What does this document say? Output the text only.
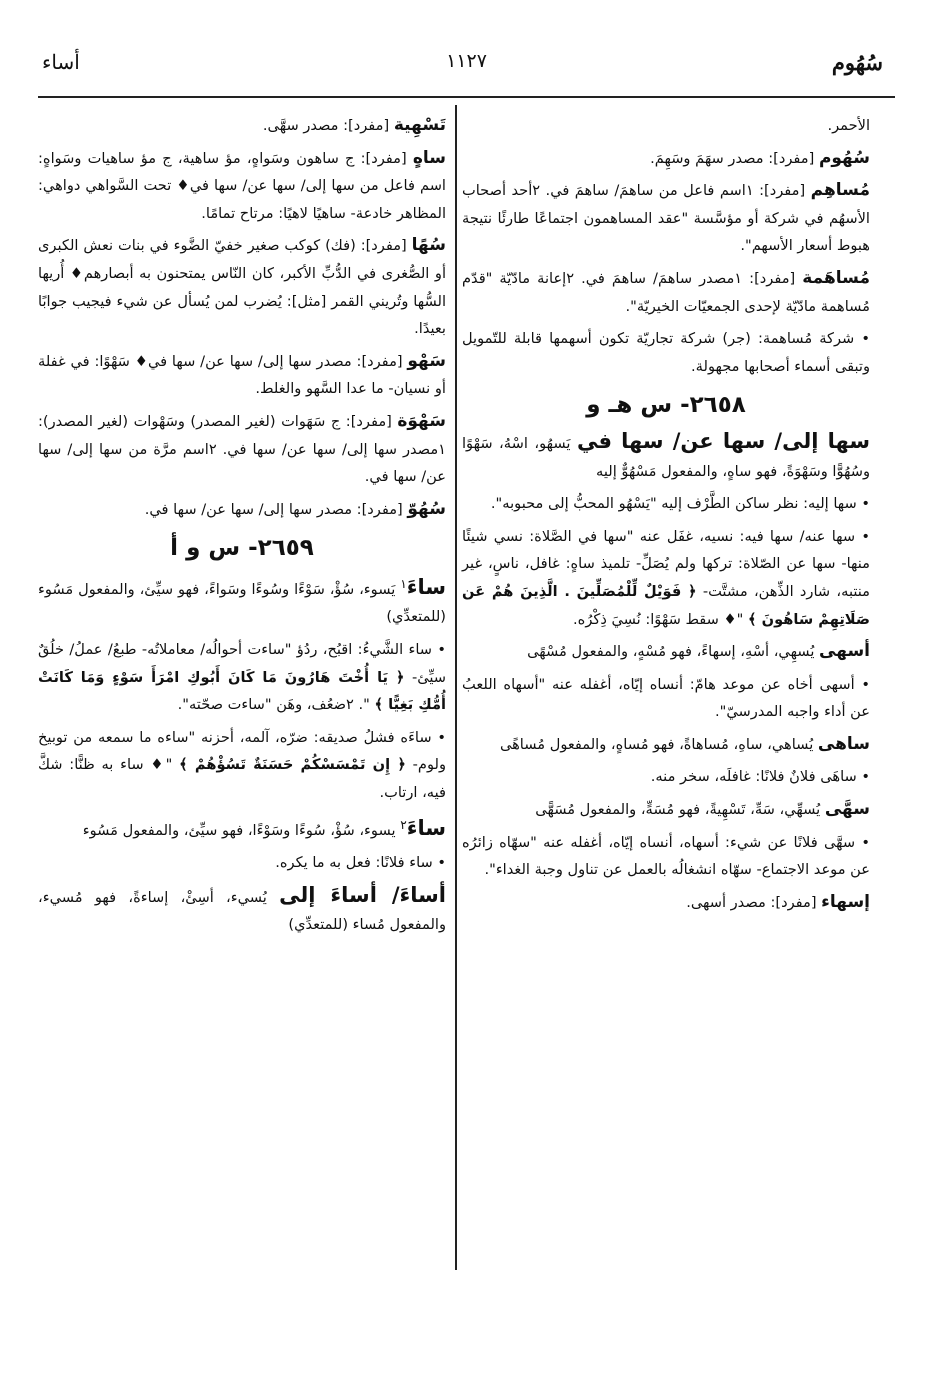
سُهُوم
١١٢٧
أساء
الأحمر.
سُهُوم [مفرد]: مصدر سهَمَ وسَهِمَ.
مُساهِم [مفرد]: ١اسم فاعل من ساهمَ/ ساهمَ في. ٢أحد أصحاب الأسهُم في شركة أو مؤسَّسة "عقد المساهمون اجتماعًا طارئًا نتيجة هبوط أسعار الأسهم".
مُساهَمة [مفرد]: ١مصدر ساهمَ/ ساهمَ في. ٢إعانة مادّيّة "قدّم مُساهمة مادّيّة لإحدى الجمعيّات الخيريّة".
• شركة مُساهمة: (جر) شركة تجاريّة تكون أسهمها قابلة للتّمويل وتبقى أسماء أصحابها مجهولة.
٢٦٥٨- س هـ و
سها إلى/ سها عن/ سها في يَسهُو، اسْهُ، سَهْوًا وسُهُوًّا وسَهْوَةً، فهو ساهٍ، والمفعول مَسْهُوٌّ إليه
• سها إليه: نظر ساكن الطَّرْف إليه "يَسْهُو المحبُّ إلى محبوبه".
• سها عنه/ سها فيه: نسيه، غفَل عنه "سها في الصَّلاة: نسي شيئًا منها- سها عن الصّلاة: تركها ولم يُصَلِّ- تلميذ ساهٍ: غافل، ناسٍ، غير منتبه، شارد الذِّهن، مشتَّت- ﴿ فَوَيْلٌ لِّلْمُصَلِّينَ . الَّذِينَ هُمْ عَن صَلَاتِهِمْ سَاهُونَ ﴾ "♦ سقط سَهْوًا: نُسِيَ ذِكْرُه.
أسهى يُسهِي، أسْهِ، إسهاءً، فهو مُسْهٍ، والمفعول مُسْهًى
• أسهى أخاه عن موعد هامّ: أنساه إيّاه، أغفله عنه "أسهاه اللعبُ عن أداء واجبه المدرسيّ".
ساهى يُساهي، ساهِ، مُساهاةً، فهو مُساهٍ، والمفعول مُساهًى
• ساهَى فلانٌ فلانًا: غافلَه، سخر منه.
سهَّى يُسهِّي، سَهِّ، تَسْهِيةً، فهو مُسَهٍّ، والمفعول مُسَهًّى
• سهَّى فلانًا عن شيء: أسهاه، أنساه إيّاه، أغفله عنه "سهّاه زائرُه عن موعد الاجتماع- سهّاه انشغالُه بالعمل عن تناول وجبة الغداء".
إسهاء [مفرد]: مصدر أسهى.
تَسْهِية [مفرد]: مصدر سهَّى.
ساهٍ [مفرد]: ج ساهون وسَواهٍ، مؤ ساهية، ج مؤ ساهيات وسَواهٍ: اسم فاعل من سها إلى/ سها عن/ سها في♦ تحت السَّواهي دواهي: المظاهر خادعة- ساهيًا لاهيًا: مرتاح تمامًا.
سُهًا [مفرد]: (فك) كوكب صغير خفيّ الضَّوء في بنات نعش الكبرى أو الصُّغرى في الدُّبِّ الأكبر، كان النّاس يمتحنون به أبصارهم♦ أُريها السُّها وتُريني القمر [مثل]: يُضرب لمن يُسأل عن شيء فيجيب جوابًا بعيدًا.
سَهْو [مفرد]: مصدر سها إلى/ سها عن/ سها في♦ سَهْوًا: في غفلة أو نسيان- ما عدا السَّهو والغلط.
سَهْوَة [مفرد]: ج سَهَوات (لغير المصدر) وسَهْوات (لغير المصدر): ١مصدر سها إلى/ سها عن/ سها في. ٢اسم مرَّة من سها إلى/ سها عن/ سها في.
سُهُوّ [مفرد]: مصدر سها إلى/ سها عن/ سها في.
٢٦٥٩- س و أ
ساءَ$^١$ يَسوء، سُؤْ، سَوْءًا وسُوءًا وسَواءً، فهو سيِّئ، والمفعول مَسُوء (للمتعدِّي)
• ساء الشَّيءُ: اقبُح، ردُؤ "ساءت أحوالُه/ معاملاتُه- طبعُ/ عملُ/ خلُقٌ سيِّئ- ﴿ يَا أُخْتَ هَارُونَ مَا كَانَ أَبُوكِ امْرَأَ سَوْءٍ وَمَا كَانَتْ أُمُّكِ بَغِيًّا ﴾ ". ٢ضعُف، وهَن "ساءت صحّته".
• ساءَه فشلُ صديقه: ضرّه، آلمه، أحزنه "ساءه ما سمعه من توبيخ ولوم- ﴿ إِن تَمْسَسْكُمْ حَسَنَةٌ تَسُؤْهُمْ ﴾ "♦ ساء به ظنًّا: شكَّ فيه، ارتاب.
ساءَ$^٢$ يسوء، سُؤْ، سُوءًا وسَوْءًا، فهو سيِّئ، والمفعول مَسُوء
• ساء فلانًا: فعل به ما يكره.
أساءَ/ أساءَ إلى يُسيء، أسِئْ، إساءةً، فهو مُسيء، والمفعول مُساء (للمتعدِّي)
